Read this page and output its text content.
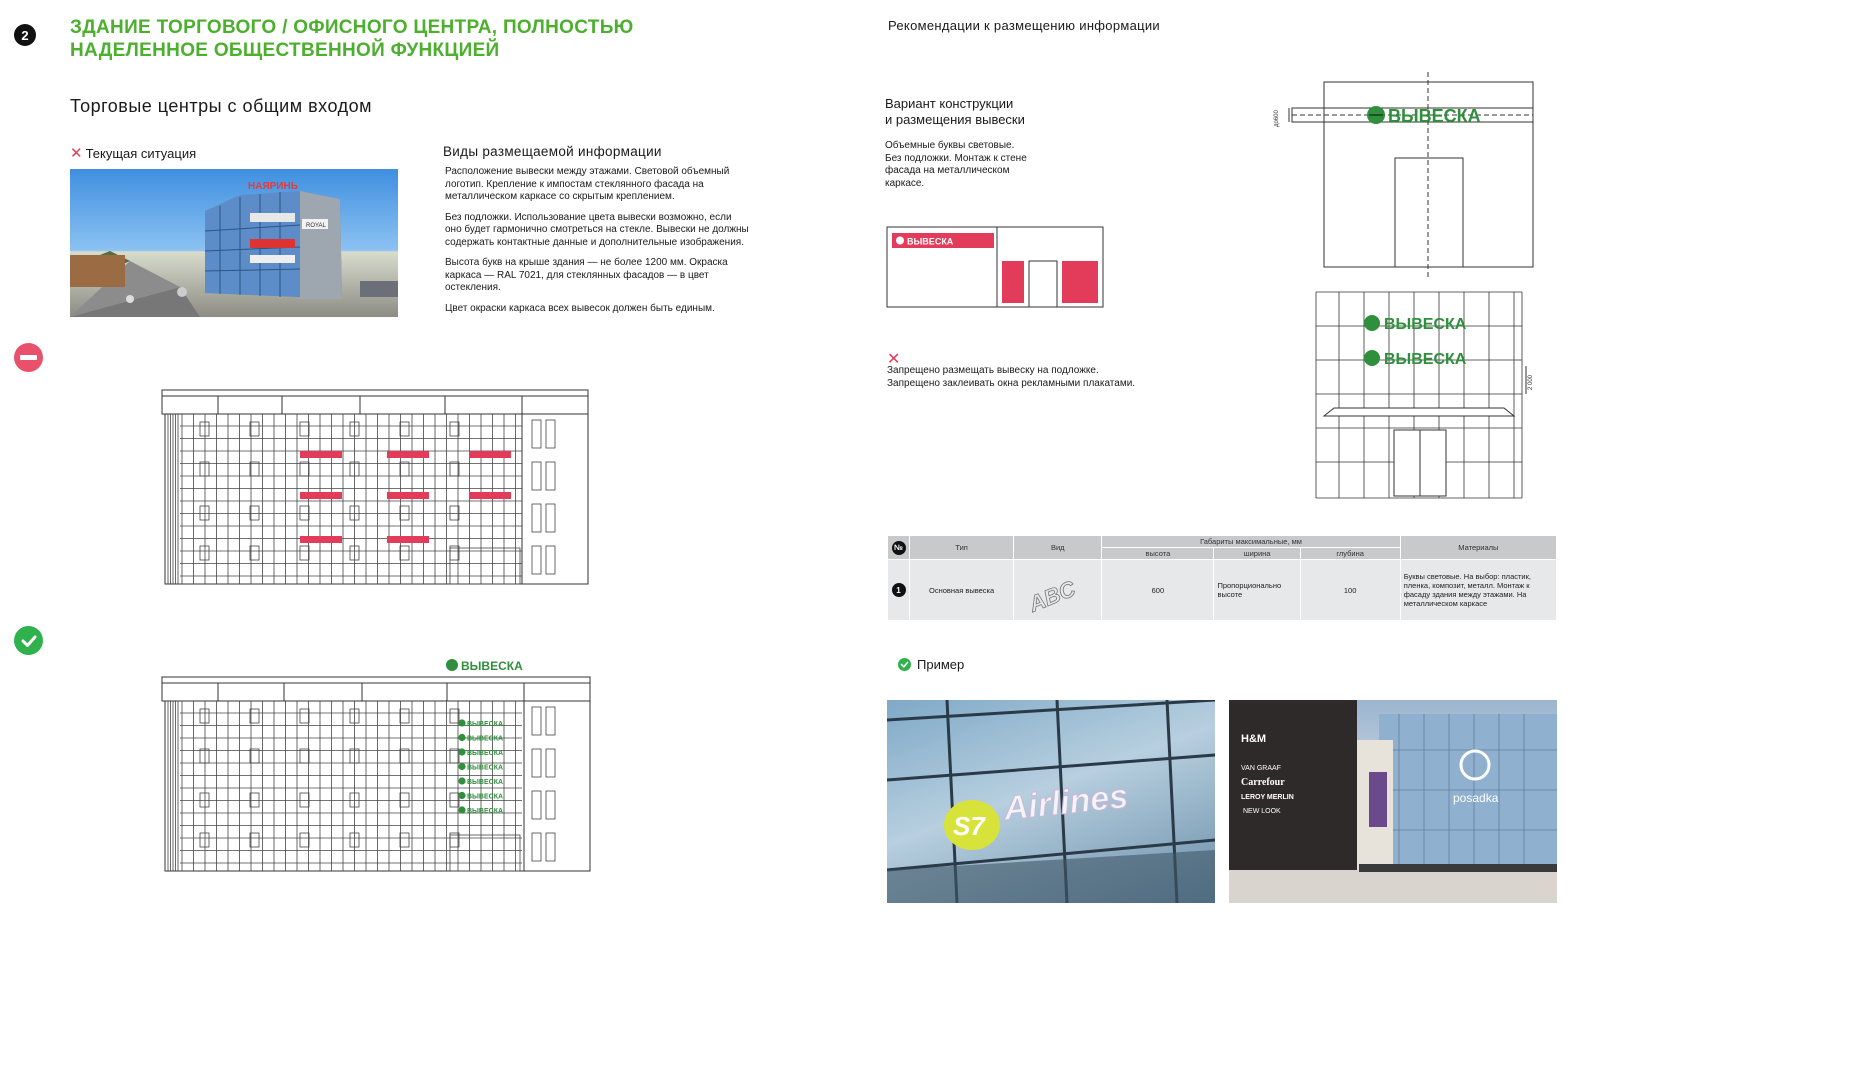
2	ЗДАНИЕ ТОРГОВОГО / ОФИСНОГО ЦЕНТРА, ПОЛНОСТЬЮ
НАДЕЛЕННОЕ ОБЩЕСТВЕННОЙ ФУНКЦИЕЙ
Торговые центры с общим входом
✕ Текущая ситуация
ROYAL
НАЯРИНЬ
Виды размещаемой информации

Расположение вывески между этажами. Световой объемный логотип. Крепление к импостам стеклянного фасада на металлическом каркасе со скрытым креплением.

Без подложки. Использование цвета вывески возможно, если оно будет гармонично смотреться на стекле. Вывески не должны содержать контактные данные и дополнительные изображения.

Высота букв на крыше здания — не более 1200 мм. Окраска каркаса — RAL 7021, для стеклянных фасадов — в цвет остекления.

Цвет окраски каркаса всех вывесок должен быть единым.

ВЫВЕСКА
ВЫВЕСКА
ВЫВЕСКА
ВЫВЕСКА
ВЫВЕСКА
ВЫВЕСКА
ВЫВЕСКА
ВЫВЕСКА
Рекомендации к размещению информации
Вариант конструкции
и размещения вывески
Объемные буквы световые.
Без подложки. Монтаж к стене
фасада на металлическом
каркасе.
ВЫВЕСКА
✕
Запрещено размещать вывеску на подложке.
Запрещено заклеивать окна рекламными плакатами.
ВЫВЕСКА
до600
ВЫВЕСКА
ВЫВЕСКА
2 000
№	Тип	Вид	Габариты максимальные, мм			Материалы
			высота	ширина	глубина	
1	Основная вывеска	ABC	600	Пропорционально высоте	100	Буквы световые. На выбор: пластик, пленка, композит, металл. Монтаж к фасаду здания между этажами. На металлическом каркасе
Пример
S7 Airlines
H&M
VAN GRAAF
Carrefour
LEROY MERLIN
NEW LOOK
posadka
